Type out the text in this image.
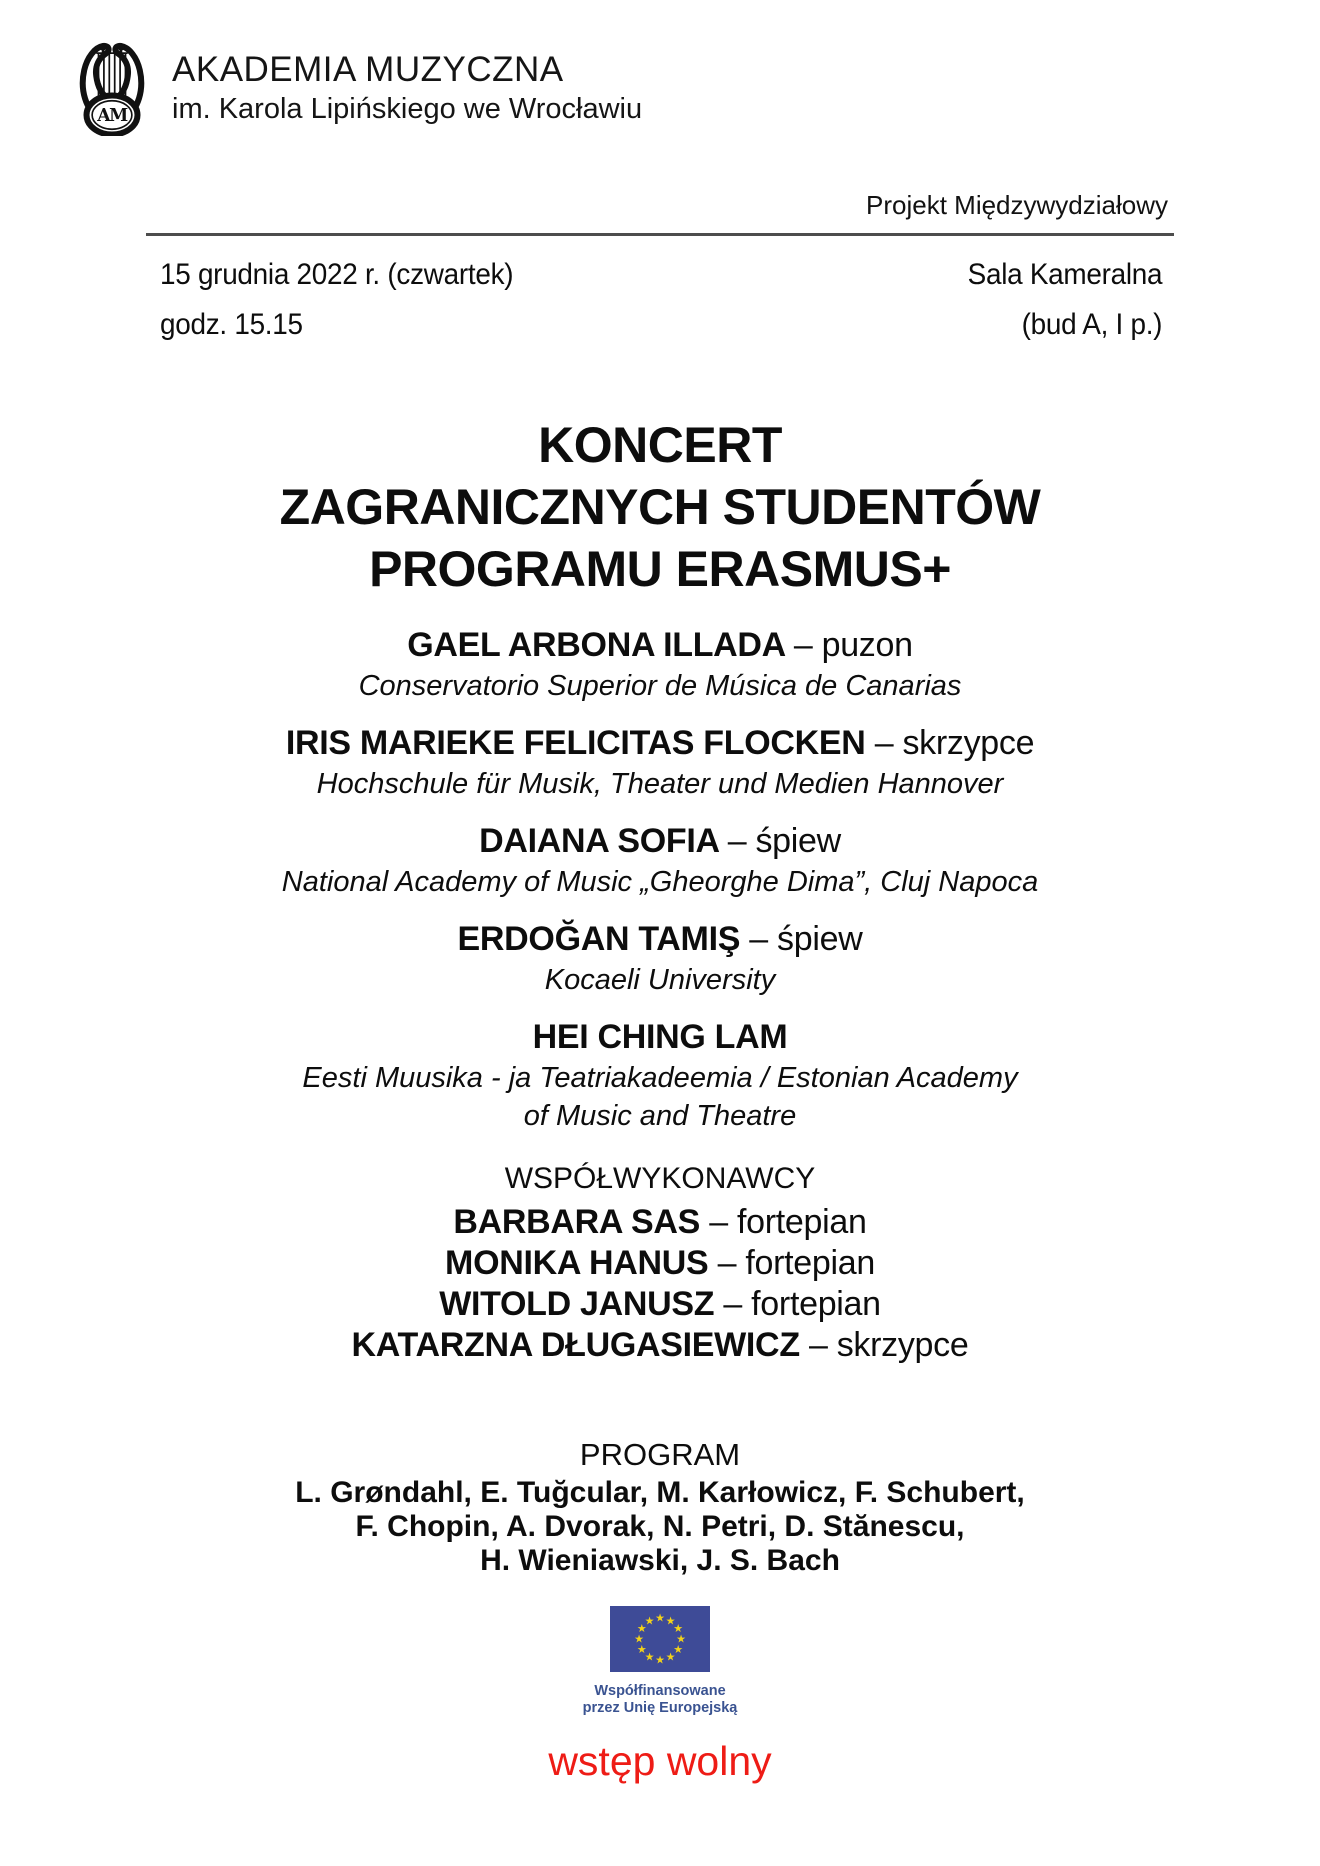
AM
AKADEMIA MUZYCZNA
im. Karola Lipińskiego we Wrocławiu
Projekt Międzywydziałowy
15 grudnia 2022 r. (czwartek)	Sala Kameralna
godz. 15.15	(bud A, I p.)
KONCERT
ZAGRANICZNYCH STUDENTÓW
PROGRAMU ERASMUS+
GAEL ARBONA ILLADA – puzon
Conservatorio Superior de Música de Canarias
IRIS MARIEKE FELICITAS FLOCKEN – skrzypce
Hochschule für Musik, Theater und Medien Hannover
DAIANA SOFIA – śpiew
National Academy of Music „Gheorghe Dima”, Cluj Napoca
ERDOĞAN TAMIŞ – śpiew
Kocaeli University
HEI CHING LAM
Eesti Muusika - ja Teatriakadeemia / Estonian Academy
of Music and Theatre
WSPÓŁWYKONAWCY
BARBARA SAS – fortepian
MONIKA HANUS – fortepian
WITOLD JANUSZ – fortepian
KATARZNA DŁUGASIEWICZ – skrzypce
PROGRAM
L. Grøndahl, E. Tuğcular, M. Karłowicz, F. Schubert,
F. Chopin, A. Dvorak, N. Petri, D. Stănescu,
H. Wieniawski, J. S. Bach
★ ★
★
★
★
★
★
★
★
★
★
★
Współfinansowane
przez Unię Europejską
wstęp wolny
